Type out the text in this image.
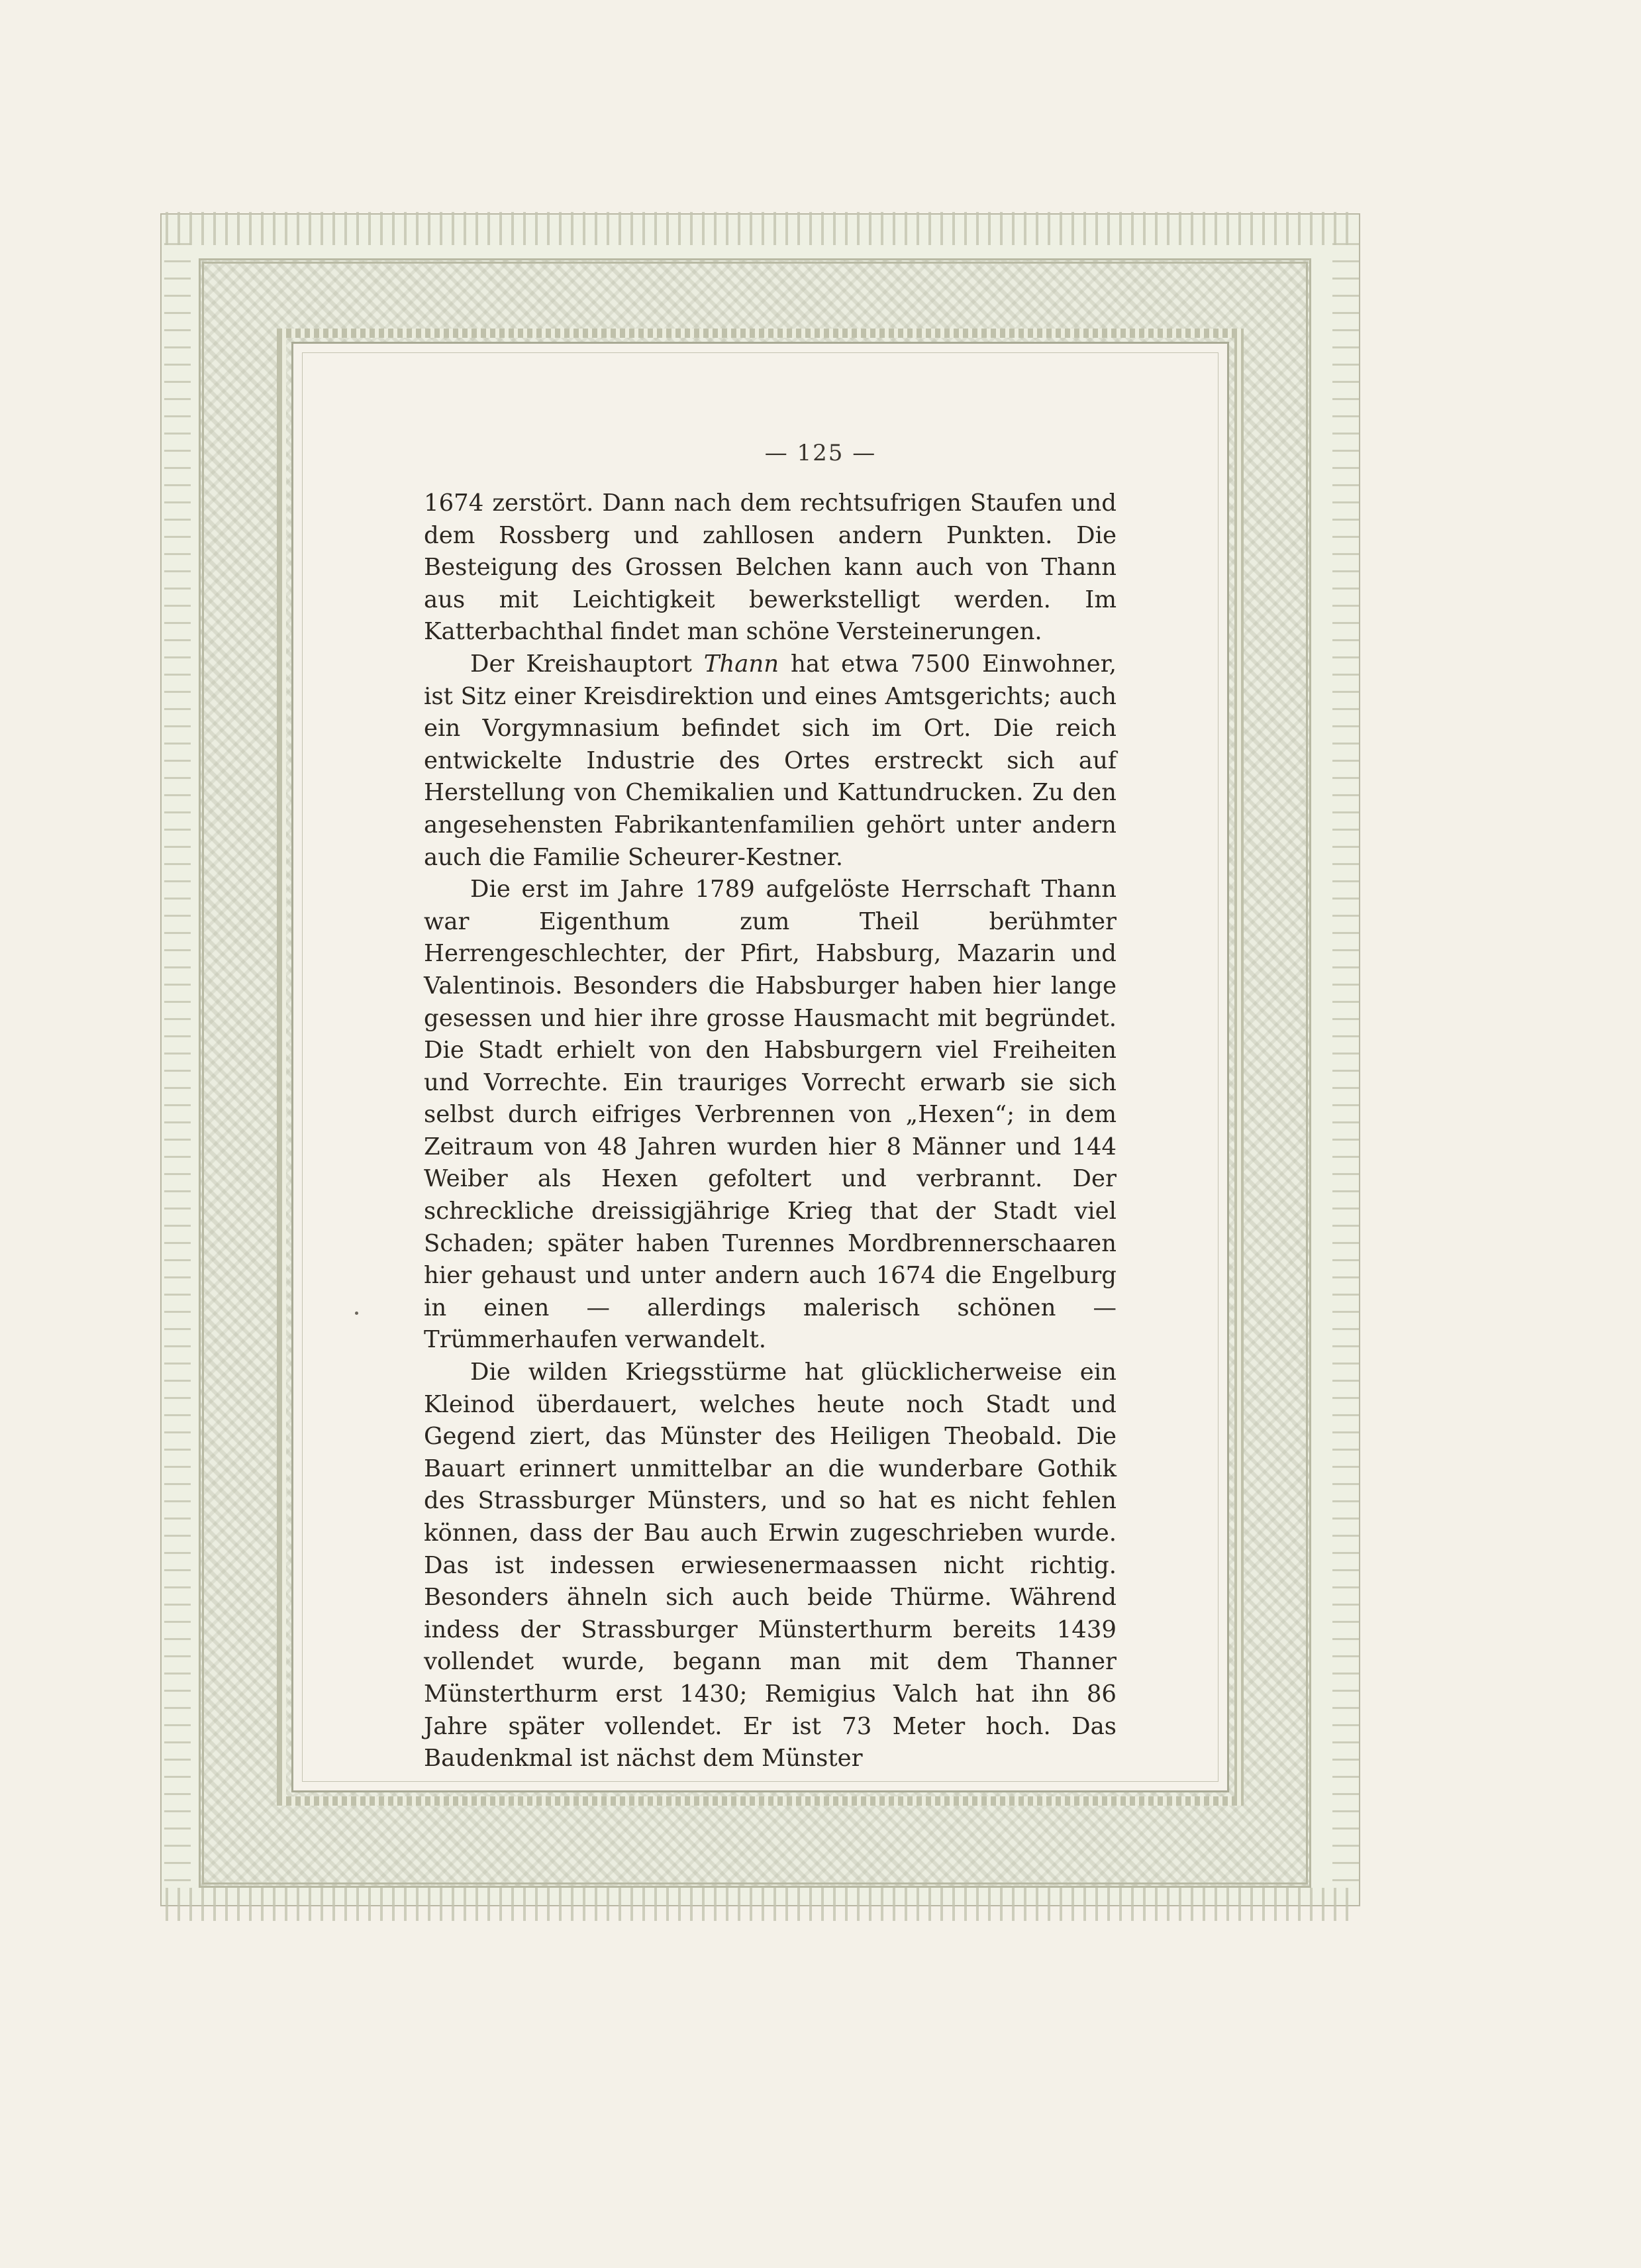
— 125 —

1674 zerstört. Dann nach dem rechtsufrigen Staufen und dem Rossberg und zahllosen andern Punkten. Die Besteigung des Grossen Belchen kann auch von Thann aus mit Leichtigkeit bewerkstelligt werden. Im Katterbachthal findet man schöne Versteinerungen.

Der Kreishauptort Thann hat etwa 7500 Einwohner, ist Sitz einer Kreisdirektion und eines Amtsgerichts; auch ein Vorgymnasium befindet sich im Ort. Die reich entwickelte Industrie des Ortes erstreckt sich auf Herstellung von Chemikalien und Kattundrucken. Zu den angesehensten Fabrikantenfamilien gehört unter andern auch die Familie Scheurer-Kestner.

Die erst im Jahre 1789 aufgelöste Herrschaft Thann war Eigenthum zum Theil berühmter Herrengeschlechter, der Pfirt, Habsburg, Mazarin und Valentinois. Besonders die Habsburger haben hier lange gesessen und hier ihre grosse Hausmacht mit begründet. Die Stadt erhielt von den Habsburgern viel Freiheiten und Vorrechte. Ein trauriges Vorrecht erwarb sie sich selbst durch eifriges Verbrennen von „Hexen“; in dem Zeitraum von 48 Jahren wurden hier 8 Männer und 144 Weiber als Hexen gefoltert und verbrannt. Der schreckliche dreissigjährige Krieg that der Stadt viel Schaden; später haben Turennes Mordbrennerschaaren hier gehaust und unter andern auch 1674 die Engelburg in einen — allerdings malerisch schönen — Trümmerhaufen verwandelt.

Die wilden Kriegsstürme hat glücklicherweise ein Kleinod überdauert, welches heute noch Stadt und Gegend ziert, das Münster des Heiligen Theobald. Die Bauart erinnert unmittelbar an die wunderbare Gothik des Strassburger Münsters, und so hat es nicht fehlen können, dass der Bau auch Erwin zugeschrieben wurde. Das ist indessen erwiesenermaassen nicht richtig. Besonders ähneln sich auch beide Thürme. Während indess der Strassburger Münsterthurm bereits 1439 vollendet wurde, begann man mit dem Thanner Münsterthurm erst 1430; Remigius Valch hat ihn 86 Jahre später vollendet. Er ist 73 Meter hoch. Das Baudenkmal ist nächst dem Münster
